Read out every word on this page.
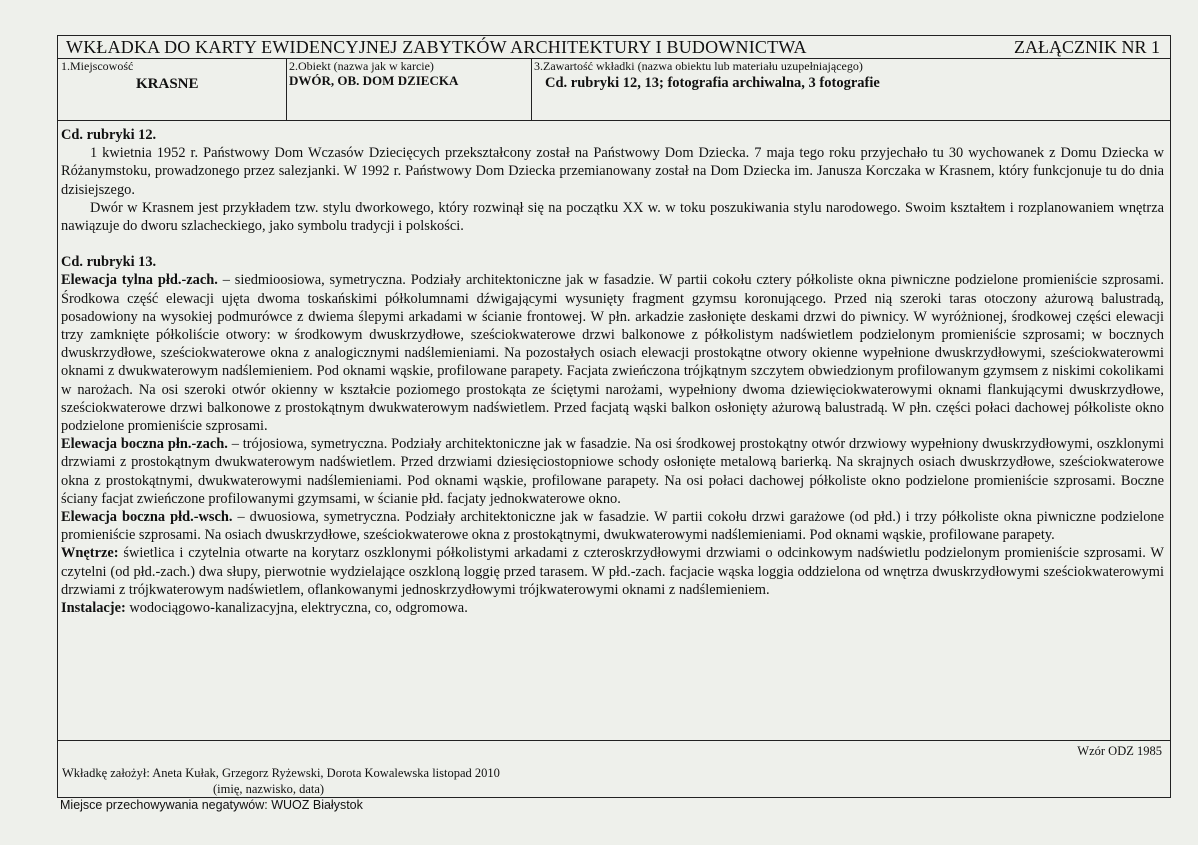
WKŁADKA DO KARTY EWIDENCYJNEJ ZABYTKÓW ARCHITEKTURY I BUDOWNICTWA	ZAŁĄCZNIK NR 1
1.Miejscowość
KRASNE
2.Obiekt (nazwa jak w karcie)
DWÓR, OB. DOM DZIECKA
3.Zawartość wkładki (nazwa obiektu lub materiału uzupełniającego)
Cd. rubryki 12, 13; fotografia archiwalna, 3 fotografie

Cd. rubryki 12.

1 kwietnia 1952 r. Państwowy Dom Wczasów Dziecięcych przekształcony został na Państwowy Dom Dziecka. 7 maja tego roku przyjechało tu 30 wychowanek z Domu Dziecka w Różanymstoku, prowadzonego przez salezjanki. W 1992 r. Państwowy Dom Dziecka przemianowany został na Dom Dziecka im. Janusza Korczaka w Krasnem, który funkcjonuje tu do dnia dzisiejszego.

Dwór w Krasnem jest przykładem tzw. stylu dworkowego, który rozwinął się na początku XX w. w toku poszukiwania stylu narodowego. Swoim kształtem i rozplanowaniem wnętrza nawiązuje do dworu szlacheckiego, jako symbolu tradycji i polskości.

Cd. rubryki 13.

Elewacja tylna płd.-zach. – siedmioosiowa, symetryczna. Podziały architektoniczne jak w fasadzie. W partii cokołu cztery półkoliste okna piwniczne podzielone promieniście szprosami. Środkowa część elewacji ujęta dwoma toskańskimi półkolumnami dźwigającymi wysunięty fragment gzymsu koronującego. Przed nią szeroki taras otoczony ażurową balustradą, posadowiony na wysokiej podmurówce z dwiema ślepymi arkadami w ścianie frontowej. W płn. arkadzie zasłonięte deskami drzwi do piwnicy. W wyróżnionej, środkowej części elewacji trzy zamknięte półkoliście otwory: w środkowym dwuskrzydłowe, sześciokwaterowe drzwi balkonowe z półkolistym nadświetlem podzielonym promieniście szprosami; w bocznych dwuskrzydłowe, sześciokwaterowe okna z analogicznymi nadślemieniami. Na pozostałych osiach elewacji prostokątne otwory okienne wypełnione dwuskrzydłowymi, sześciokwaterowmi oknami z dwukwaterowym nadślemieniem. Pod oknami wąskie, profilowane parapety. Facjata zwieńczona trójkątnym szczytem obwiedzionym profilowanym gzymsem z niskimi cokolikami w narożach. Na osi szeroki otwór okienny w kształcie poziomego prostokąta ze ściętymi narożami, wypełniony dwoma dziewięciokwaterowymi oknami flankującymi dwuskrzydłowe, sześciokwaterowe drzwi balkonowe z prostokątnym dwukwaterowym nadświetlem. Przed facjatą wąski balkon osłonięty ażurową balustradą. W płn. części połaci dachowej półkoliste okno podzielone promieniście szprosami.

Elewacja boczna płn.-zach. – trójosiowa, symetryczna. Podziały architektoniczne jak w fasadzie. Na osi środkowej prostokątny otwór drzwiowy wypełniony dwuskrzydłowymi, oszklonymi drzwiami z prostokątnym dwukwaterowym nadświetlem. Przed drzwiami dziesięciostopniowe schody osłonięte metalową barierką. Na skrajnych osiach dwuskrzydłowe, sześciokwaterowe okna z prostokątnymi, dwukwaterowymi nadślemieniami. Pod oknami wąskie, profilowane parapety. Na osi połaci dachowej półkoliste okno podzielone promieniście szprosami. Boczne ściany facjat zwieńczone profilowanymi gzymsami, w ścianie płd. facjaty jednokwaterowe okno.

Elewacja boczna płd.-wsch. – dwuosiowa, symetryczna. Podziały architektoniczne jak w fasadzie. W partii cokołu drzwi garażowe (od płd.) i trzy półkoliste okna piwniczne podzielone promieniście szprosami. Na osiach dwuskrzydłowe, sześciokwaterowe okna z prostokątnymi, dwukwaterowymi nadślemieniami. Pod oknami wąskie, profilowane parapety.

Wnętrze: świetlica i czytelnia otwarte na korytarz oszklonymi półkolistymi arkadami z czteroskrzydłowymi drzwiami o odcinkowym nadświetlu podzielonym promieniście szprosami. W czytelni (od płd.-zach.) dwa słupy, pierwotnie wydzielające oszkloną loggię przed tarasem. W płd.-zach. facjacie wąska loggia oddzielona od wnętrza dwuskrzydłowymi sześciokwaterowymi drzwiami z trójkwaterowym nadświetlem, oflankowanymi jednoskrzydłowymi trójkwaterowymi oknami z nadślemieniem.

Instalacje: wodociągowo-kanalizacyjna, elektryczna, co, odgromowa.

Wzór ODZ 1985
Wkładkę założył: Aneta Kułak, Grzegorz Ryżewski, Dorota Kowalewska listopad 2010
(imię, nazwisko, data)
Miejsce przechowywania negatywów: WUOZ Białystok
